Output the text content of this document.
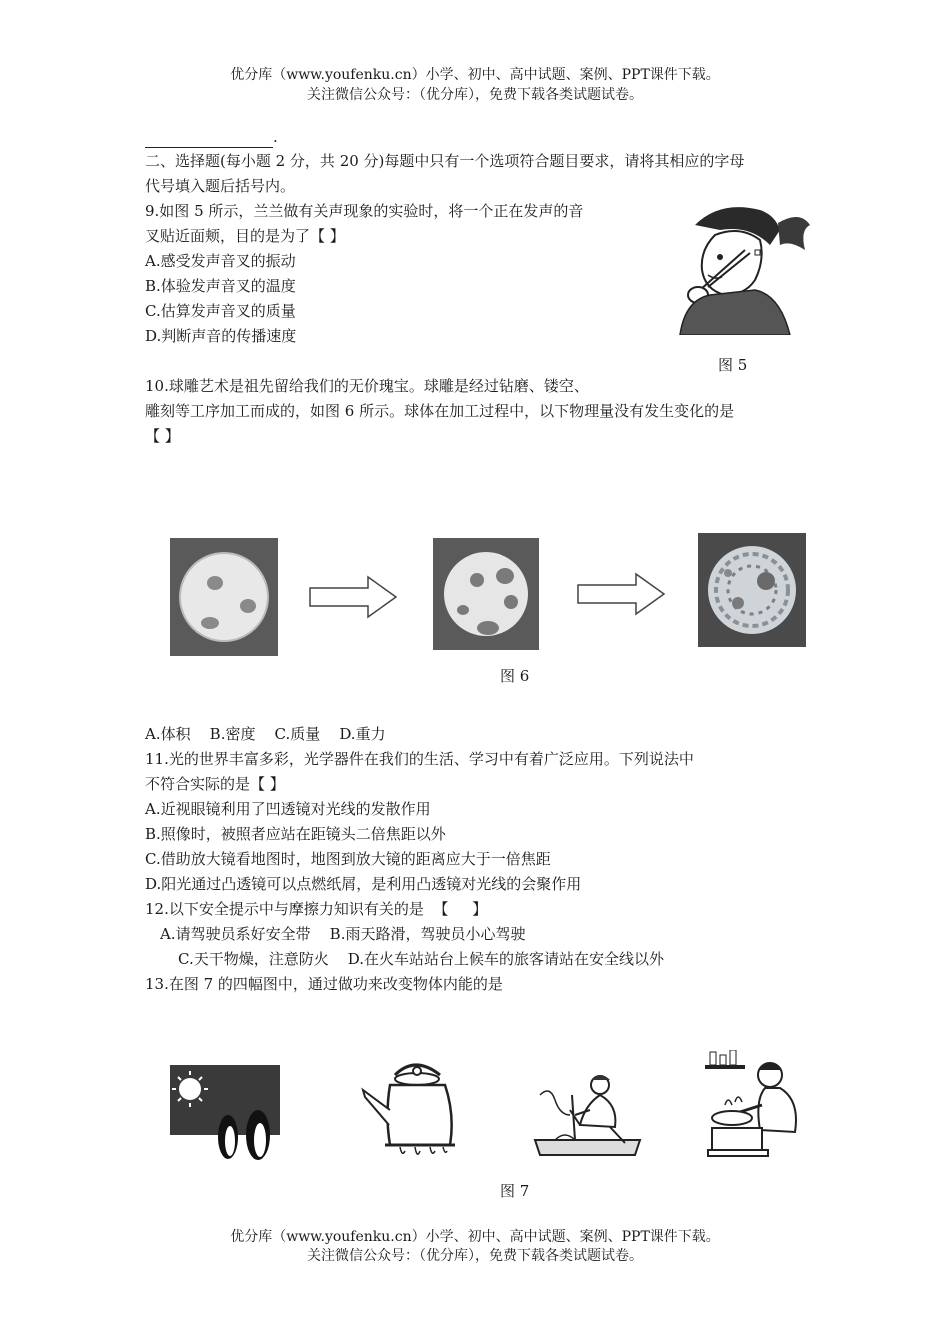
优分库（www.youfenku.cn）小学、初中、高中试题、案例、PPT课件下载。
关注微信公众号：（优分库），免费下载各类试题试卷。
.
二、选择题(每小题 2 分，共 20 分)每题中只有一个选项符合题目要求，请将其相应的字母
代号填入题后括号内。
9.如图 5 所示，兰兰做有关声现象的实验时，将一个正在发声的音
叉贴近面颊，目的是为了【 】
A.感受发声音叉的振动
B.体验发声音叉的温度
C.估算发声音叉的质量
D.判断声音的传播速度
图 5
10.球雕艺术是祖先留给我们的无价瑰宝。球雕是经过钻磨、镂空、
雕刻等工序加工而成的，如图 6 所示。球体在加工过程中，以下物理量没有发生变化的是
【 】
图 6
A.体积    B.密度    C.质量    D.重力
11.光的世界丰富多彩，光学器件在我们的生活、学习中有着广泛应用。下列说法中
不符合实际的是【 】
A.近视眼镜利用了凹透镜对光线的发散作用
B.照像时，被照者应站在距镜头二倍焦距以外
C.借助放大镜看地图时，地图到放大镜的距离应大于一倍焦距
D.阳光通过凸透镜可以点燃纸屑，是利用凸透镜对光线的会聚作用
12.以下安全提示中与摩擦力知识有关的是  【     】
A.请驾驶员系好安全带    B.雨天路滑，驾驶员小心驾驶
C.天干物燥，注意防火    D.在火车站站台上候车的旅客请站在安全线以外
13.在图 7 的四幅图中，通过做功来改变物体内能的是
图 7
优分库（www.youfenku.cn）小学、初中、高中试题、案例、PPT课件下载。
关注微信公众号：（优分库），免费下载各类试题试卷。
